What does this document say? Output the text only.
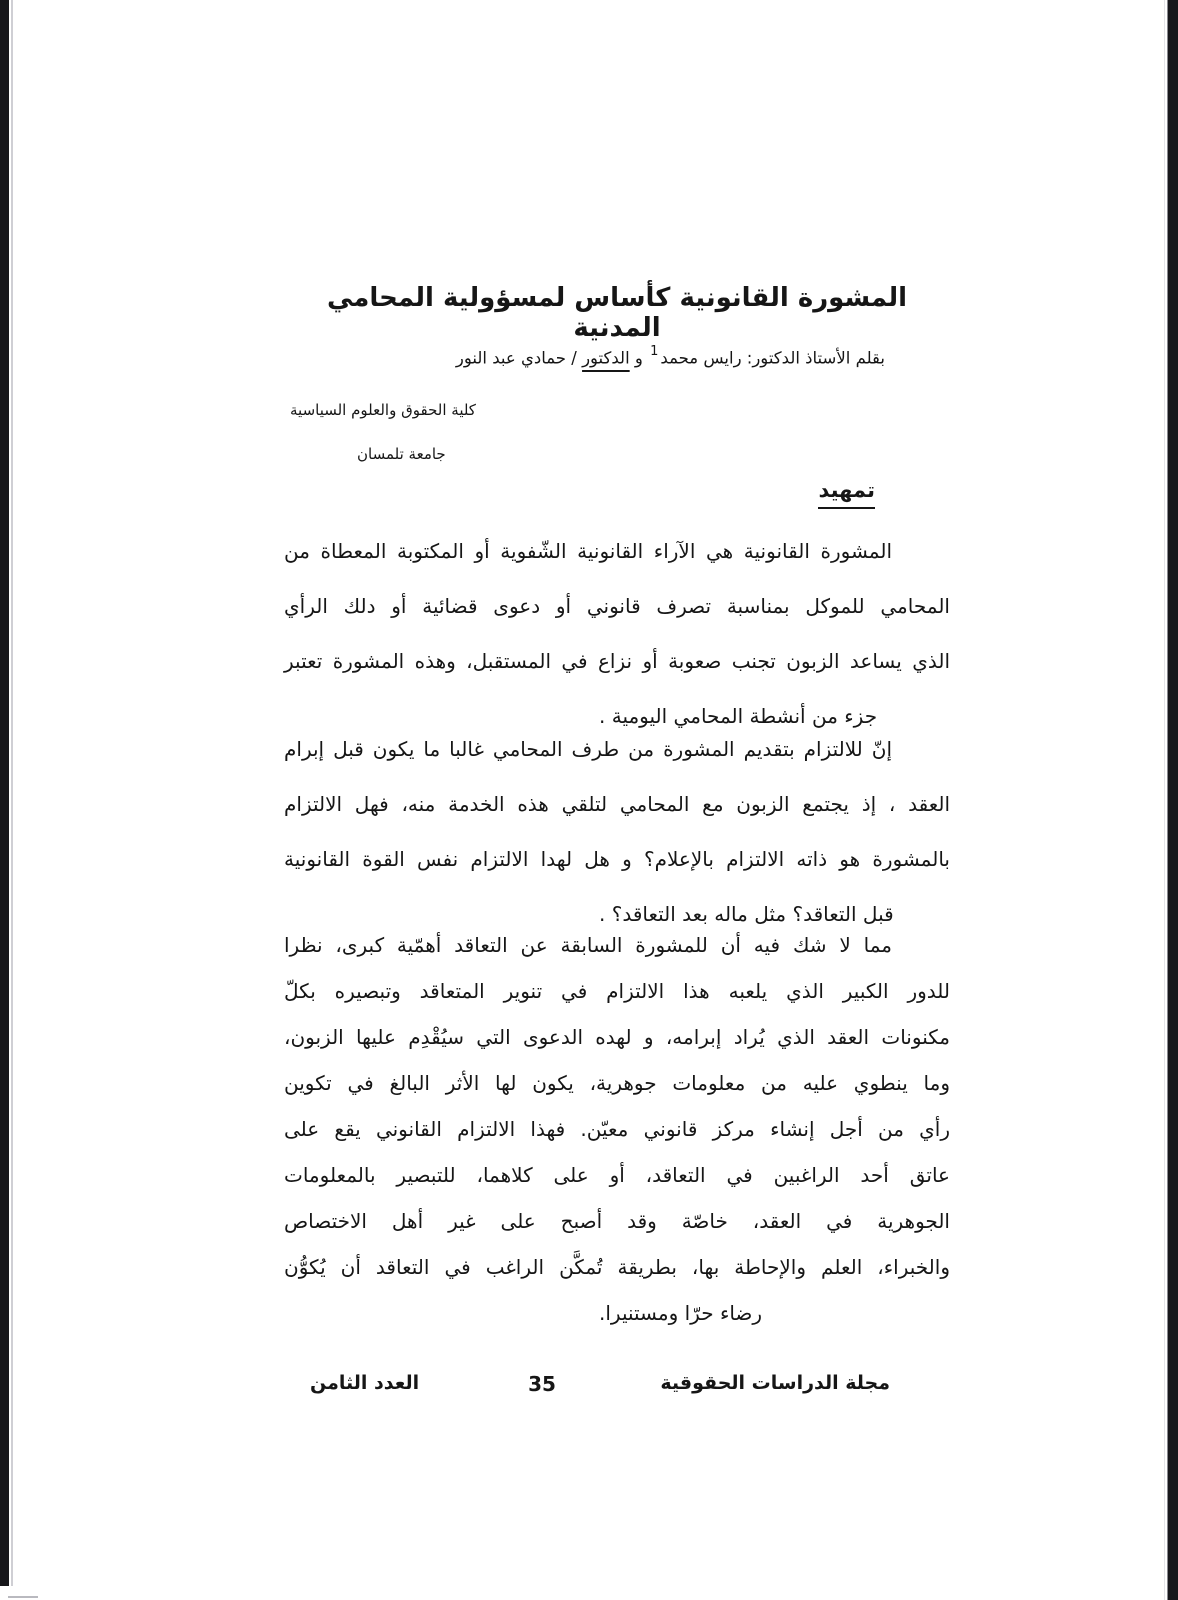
المشورة القانونية كأساس لمسؤولية المحامي المدنية
بقلم الأستاذ الدكتور: رايس محمد$^1$ و الدكتور / حمادي عبد النور
كلية الحقوق والعلوم السياسية
جامعة تلمسان
تمهيد
المشورة القانونية هي الآراء القانونية الشّفوية أو المكتوبة المعطاة من
المحامي للموكل بمناسبة تصرف قانوني أو دعوى قضائية أو دلك الرأي
الذي يساعد الزبون تجنب صعوبة أو نزاع في المستقبل، وهذه المشورة تعتبر
جزء من أنشطة المحامي اليومية .
إنّ للالتزام بتقديم المشورة من طرف المحامي غالبا ما يكون قبل إبرام
العقد ، إذ يجتمع الزبون مع المحامي لتلقي هذه الخدمة منه، فهل الالتزام
بالمشورة هو ذاته الالتزام بالإعلام؟ و هل لهدا الالتزام نفس القوة القانونية
قبل التعاقد؟ مثل ماله بعد التعاقد؟ .
مما لا شك فيه أن للمشورة السابقة عن التعاقد أهمّية كبرى، نظرا
للدور الكبير الذي يلعبه هذا الالتزام في تنوير المتعاقد وتبصيره بكلّ
مكنونات العقد الذي يُراد إبرامه، و لهده الدعوى التي سيُقْدِم عليها الزبون،
وما ينطوي عليه من معلومات جوهرية، يكون لها الأثر البالغ في تكوين
رأي من أجل إنشاء مركز قانوني معيّن. فهذا الالتزام القانوني يقع على
عاتق أحد الراغبين في التعاقد، أو على كلاهما، للتبصير بالمعلومات
الجوهرية في العقد، خاصّة وقد أصبح على غير أهل الاختصاص
والخبراء، العلم والإحاطة بها، بطريقة تُمكَّن الراغب في التعاقد أن يُكوُّن
رضاء حرّا ومستنيرا.
مجلة الدراسات الحقوقية
35
العدد الثامن
